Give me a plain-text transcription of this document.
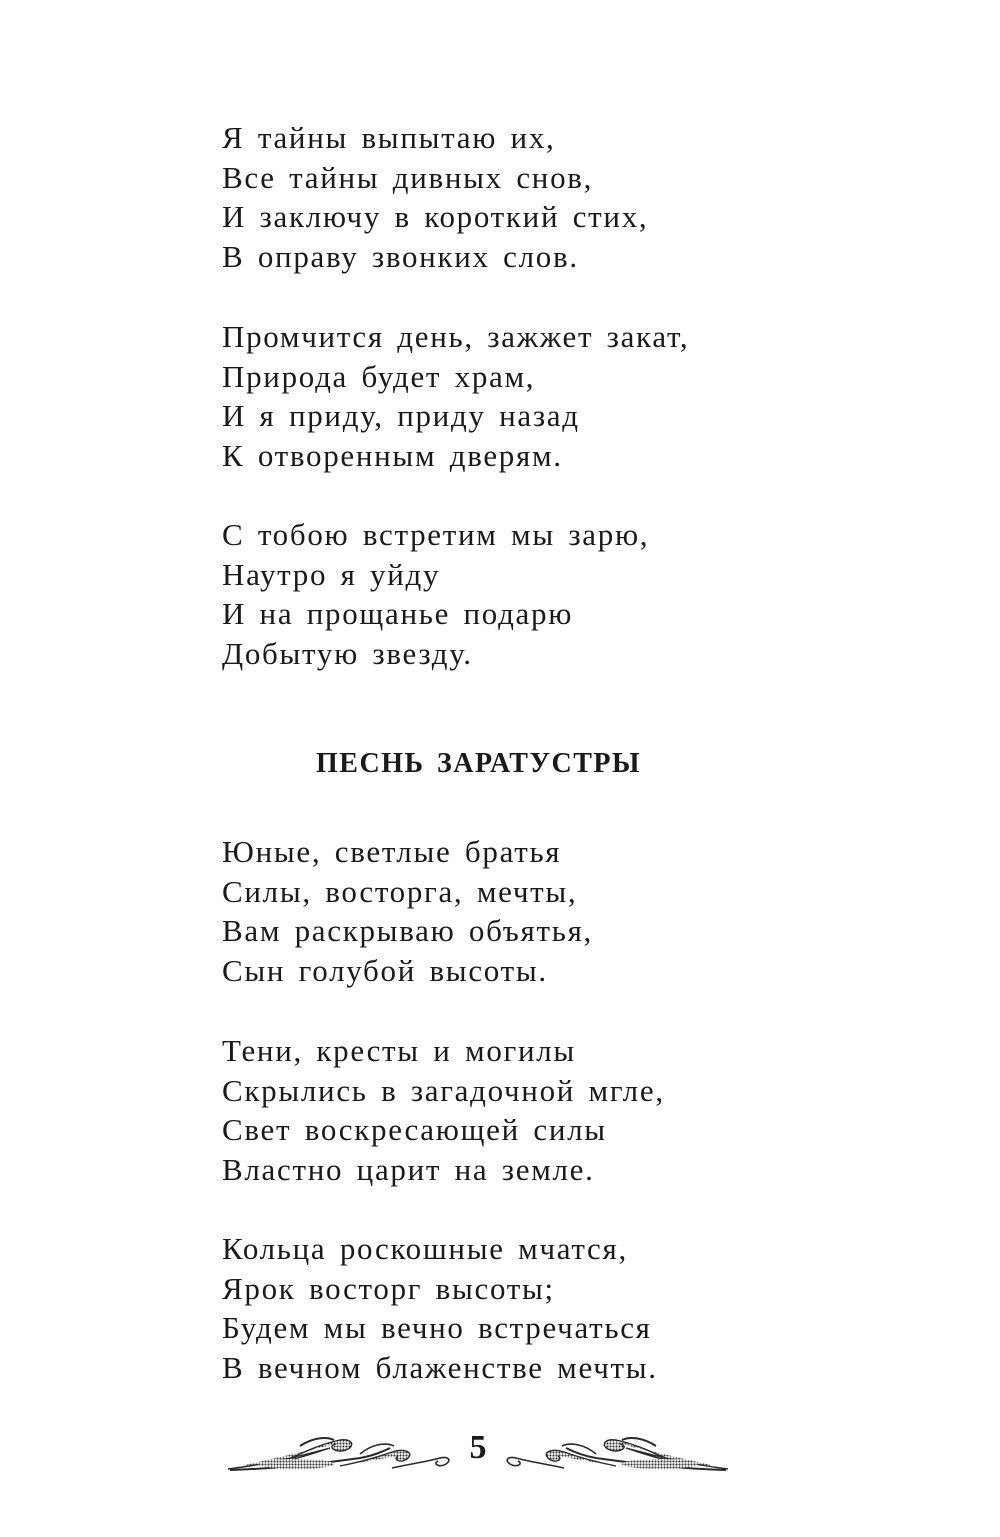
Я тайны выпытаю их,
Все тайны дивных снов,
И заключу в короткий стих,
В оправу звонких слов.
Промчится день, зажжет закат,
Природа будет храм,
И я приду, приду назад
К отворенным дверям.
С тобою встретим мы зарю,
Наутро я уйду
И на прощанье подарю
Добытую звезду.
ПЕСНЬ ЗАРАТУСТРЫ
Юные, светлые братья
Силы, восторга, мечты,
Вам раскрываю объятья,
Сын голубой высоты.
Тени, кресты и могилы
Скрылись в загадочной мгле,
Свет воскресающей силы
Властно царит на земле.
Кольца роскошные мчатся,
Ярок восторг высоты;
Будем мы вечно встречаться
В вечном блаженстве мечты.
5
